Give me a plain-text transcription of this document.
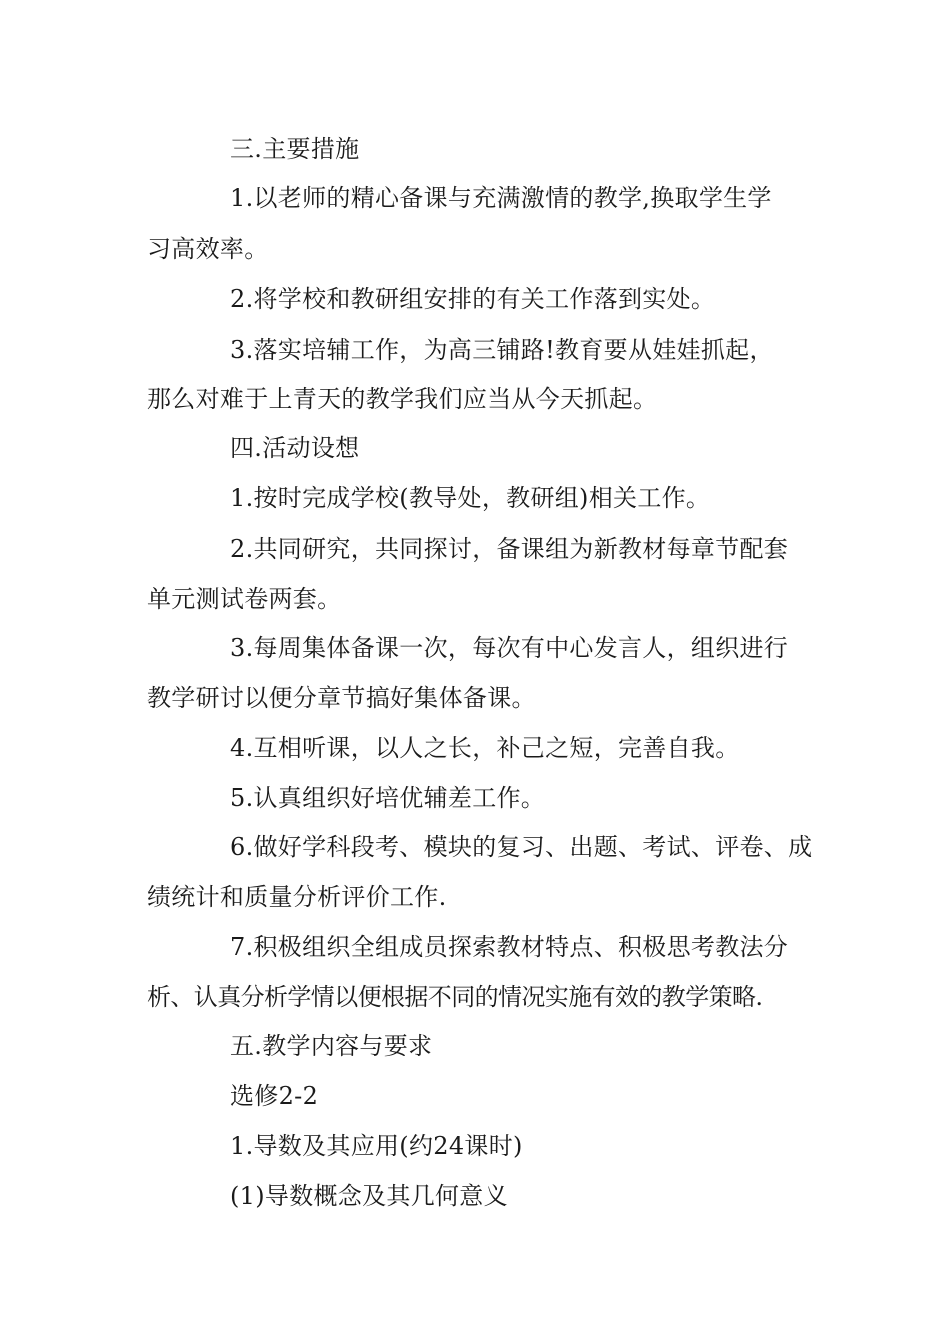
三.主要措施
1.以老师的精心备课与充满激情的教学,换取学生学
习高效率。
2.将学校和教研组安排的有关工作落到实处。
3.落实培辅工作，为高三铺路!教育要从娃娃抓起，
那么对难于上青天的教学我们应当从今天抓起。
四.活动设想
1.按时完成学校(教导处，教研组)相关工作。
2.共同研究，共同探讨，备课组为新教材每章节配套
单元测试卷两套。
3.每周集体备课一次，每次有中心发言人，组织进行
教学研讨以便分章节搞好集体备课。
4.互相听课，以人之长，补己之短，完善自我。
5.认真组织好培优辅差工作。
6.做好学科段考、模块的复习、出题、考试、评卷、成
绩统计和质量分析评价工作.
7.积极组织全组成员探索教材特点、积极思考教法分
析、认真分析学情以便根据不同的情况实施有效的教学策略.
五.教学内容与要求
选修2-2
1.导数及其应用(约24课时)
(1)导数概念及其几何意义
